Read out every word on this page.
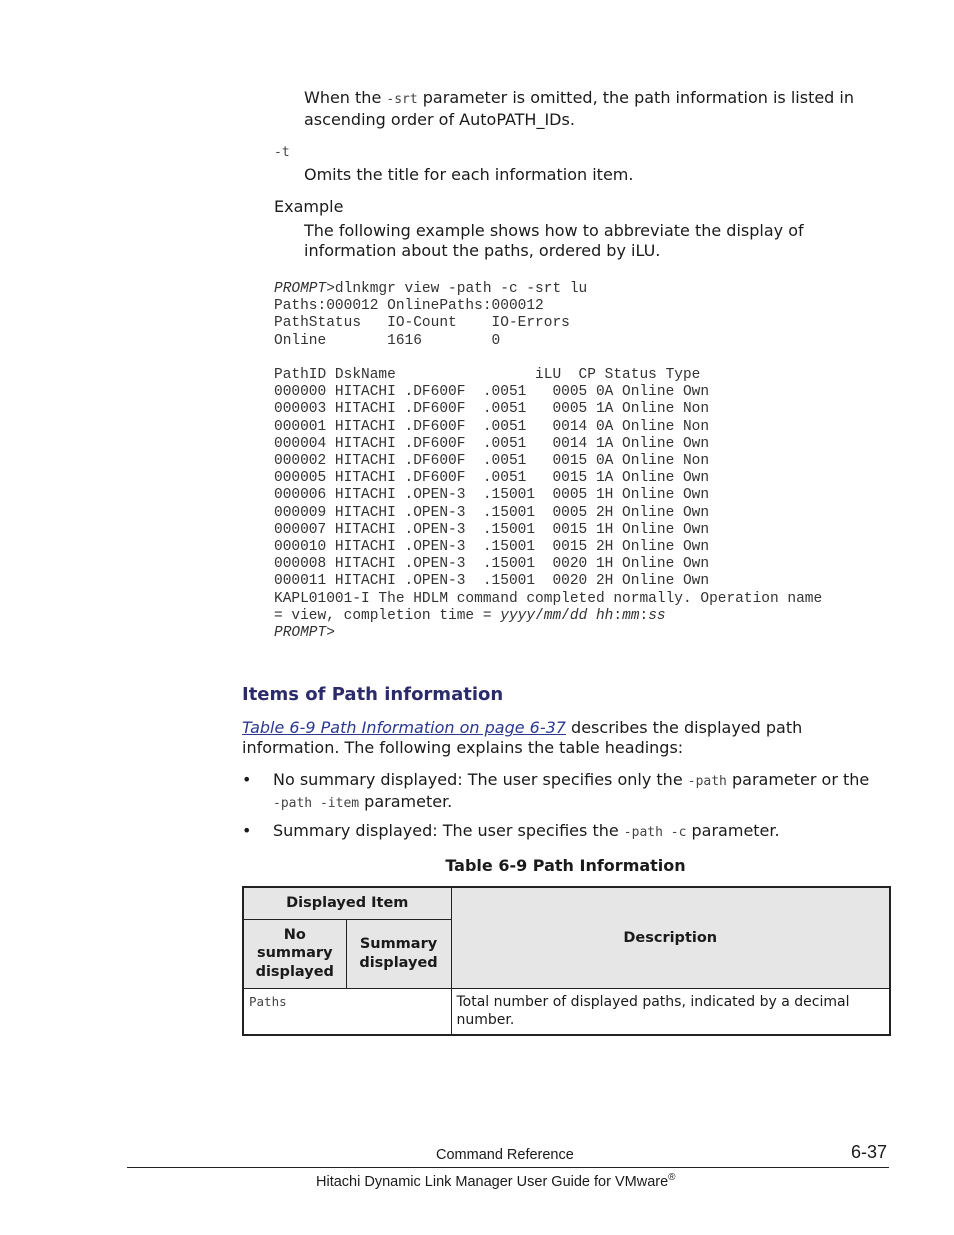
When the -srt parameter is omitted, the path information is listed in ascending order of AutoPATH_IDs.
-t
Omits the title for each information item.
Example
The following example shows how to abbreviate the display of information about the paths, ordered by iLU.
PROMPT>dlnkmgr view -path -c -srt lu
Paths:000012 OnlinePaths:000012
PathStatus   IO-Count    IO-Errors
Online       1616        0
PathID DskName                iLU  CP Status Type
000000 HITACHI .DF600F  .0051   0005 0A Online Own
000003 HITACHI .DF600F  .0051   0005 1A Online Non
000001 HITACHI .DF600F  .0051   0014 0A Online Non
000004 HITACHI .DF600F  .0051   0014 1A Online Own
000002 HITACHI .DF600F  .0051   0015 0A Online Non
000005 HITACHI .DF600F  .0051   0015 1A Online Own
000006 HITACHI .OPEN-3  .15001  0005 1H Online Own
000009 HITACHI .OPEN-3  .15001  0005 2H Online Own
000007 HITACHI .OPEN-3  .15001  0015 1H Online Own
000010 HITACHI .OPEN-3  .15001  0015 2H Online Own
000008 HITACHI .OPEN-3  .15001  0020 1H Online Own
000011 HITACHI .OPEN-3  .15001  0020 2H Online Own
KAPL01001-I The HDLM command completed normally. Operation name
= view, completion time = yyyy/mm/dd hh:mm:ss
PROMPT>
Items of Path information
Table 6-9 Path Information on page 6-37 describes the displayed path information. The following explains the table headings:
•	No summary displayed: The user specifies only the -path parameter or the -path -item parameter.
•	Summary displayed: The user specifies the -path -c parameter.
Table 6-9 Path Information
Displayed Item		Description
No summary displayed	Summary displayed	
Paths		Total number of displayed paths, indicated by a decimal number.
Command Reference	6-37
Hitachi Dynamic Link Manager User Guide for VMware®
